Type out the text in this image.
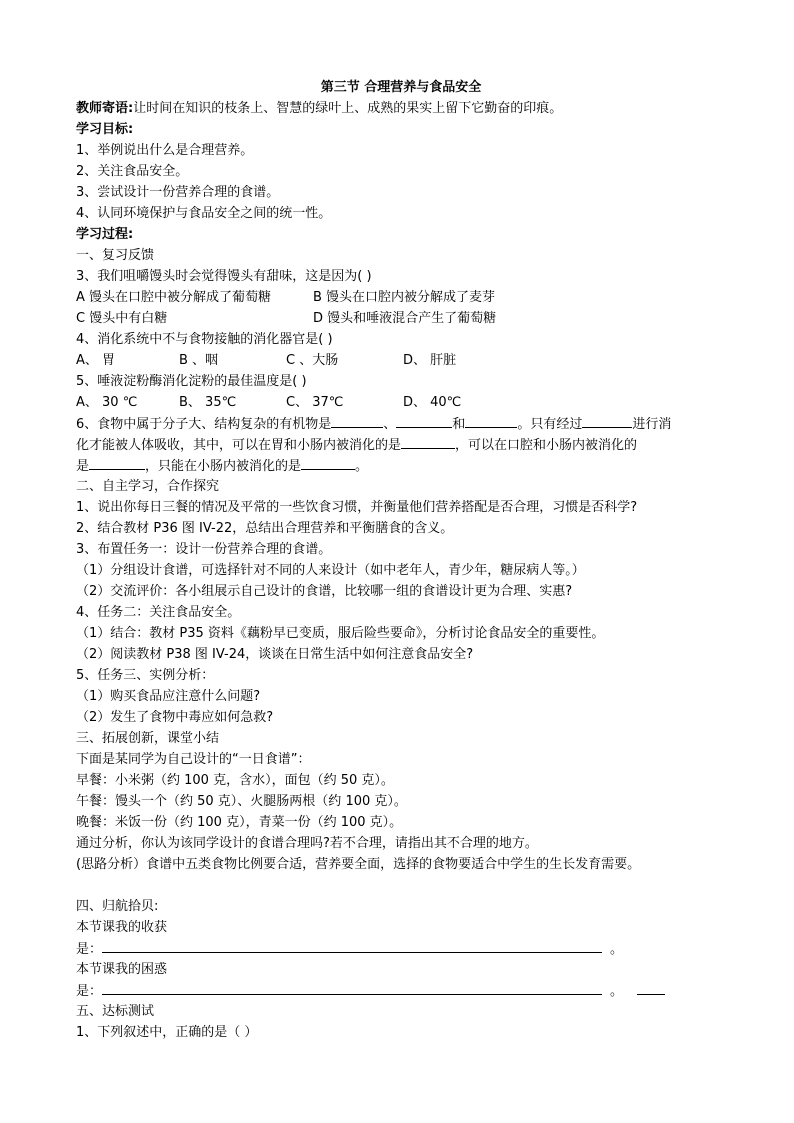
第三节 合理营养与食品安全
教师寄语:让时间在知识的枝条上、智慧的绿叶上、成熟的果实上留下它勤奋的印痕。
学习目标:
1、举例说出什么是合理营养。
2、关注食品安全。
3、尝试设计一份营养合理的食谱。
4、认同环境保护与食品安全之间的统一性。
学习过程:
一、复习反馈
3、我们咀嚼馒头时会觉得馒头有甜味，这是因为( )
A 馒头在口腔中被分解成了葡萄糖	B 馒头在口腔内被分解成了麦芽
C 馒头中有白糖	D 馒头和唾液混合产生了葡萄糖
4、消化系统中不与食物接触的消化器官是( )
A、 胃	B 、咽	C 、大肠	D、 肝脏
5、唾液淀粉酶消化淀粉的最佳温度是( )
A、 30 ℃	B、 35℃	C、 37℃	D、 40℃
6、食物中属于分子大、结构复杂的有机物是	、	和	。只有经过	进行消
化才能被人体吸收，其中，可以在胃和小肠内被消化的是	，可以在口腔和小肠内被消化的
是	，只能在小肠内被消化的是	。
二、自主学习，合作探究
1、说出你每日三餐的情况及平常的一些饮食习惯，并衡量他们营养搭配是否合理，习惯是否科学?
2、结合教材 P36 图 IV-22，总结出合理营养和平衡膳食的含义。
3、布置任务一：设计一份营养合理的食谱。
（1）分组设计食谱，可选择针对不同的人来设计（如中老年人，青少年，糖尿病人等。）
（2）交流评价：各小组展示自己设计的食谱，比较哪一组的食谱设计更为合理、实惠?
4、任务二：关注食品安全。
（1）结合：教材 P35 资料《藕粉早已变质，服后险些要命》，分析讨论食品安全的重要性。
（2）阅读教材 P38 图 IV-24，谈谈在日常生活中如何注意食品安全?
5、任务三、实例分析：
（1）购买食品应注意什么问题?
（2）发生了食物中毒应如何急救?
三、拓展创新，课堂小结
下面是某同学为自己设计的“一日食谱”：
早餐：小米粥（约 100 克，含水），面包（约 50 克）。
午餐：馒头一个（约 50 克）、火腿肠两根（约 100 克）。
晚餐：米饭一份（约 100 克），青菜一份（约 100 克）。
通过分析，你认为该同学设计的食谱合理吗?若不合理，请指出其不合理的地方。
(思路分析）食谱中五类食物比例要合适，营养要全面，选择的食物要适合中学生的生长发育需要。
四、归航拾贝:
本节课我的收获
是：	。
本节课我的困惑
是：	。
五、达标测试
1、下列叙述中，正确的是（ ）
